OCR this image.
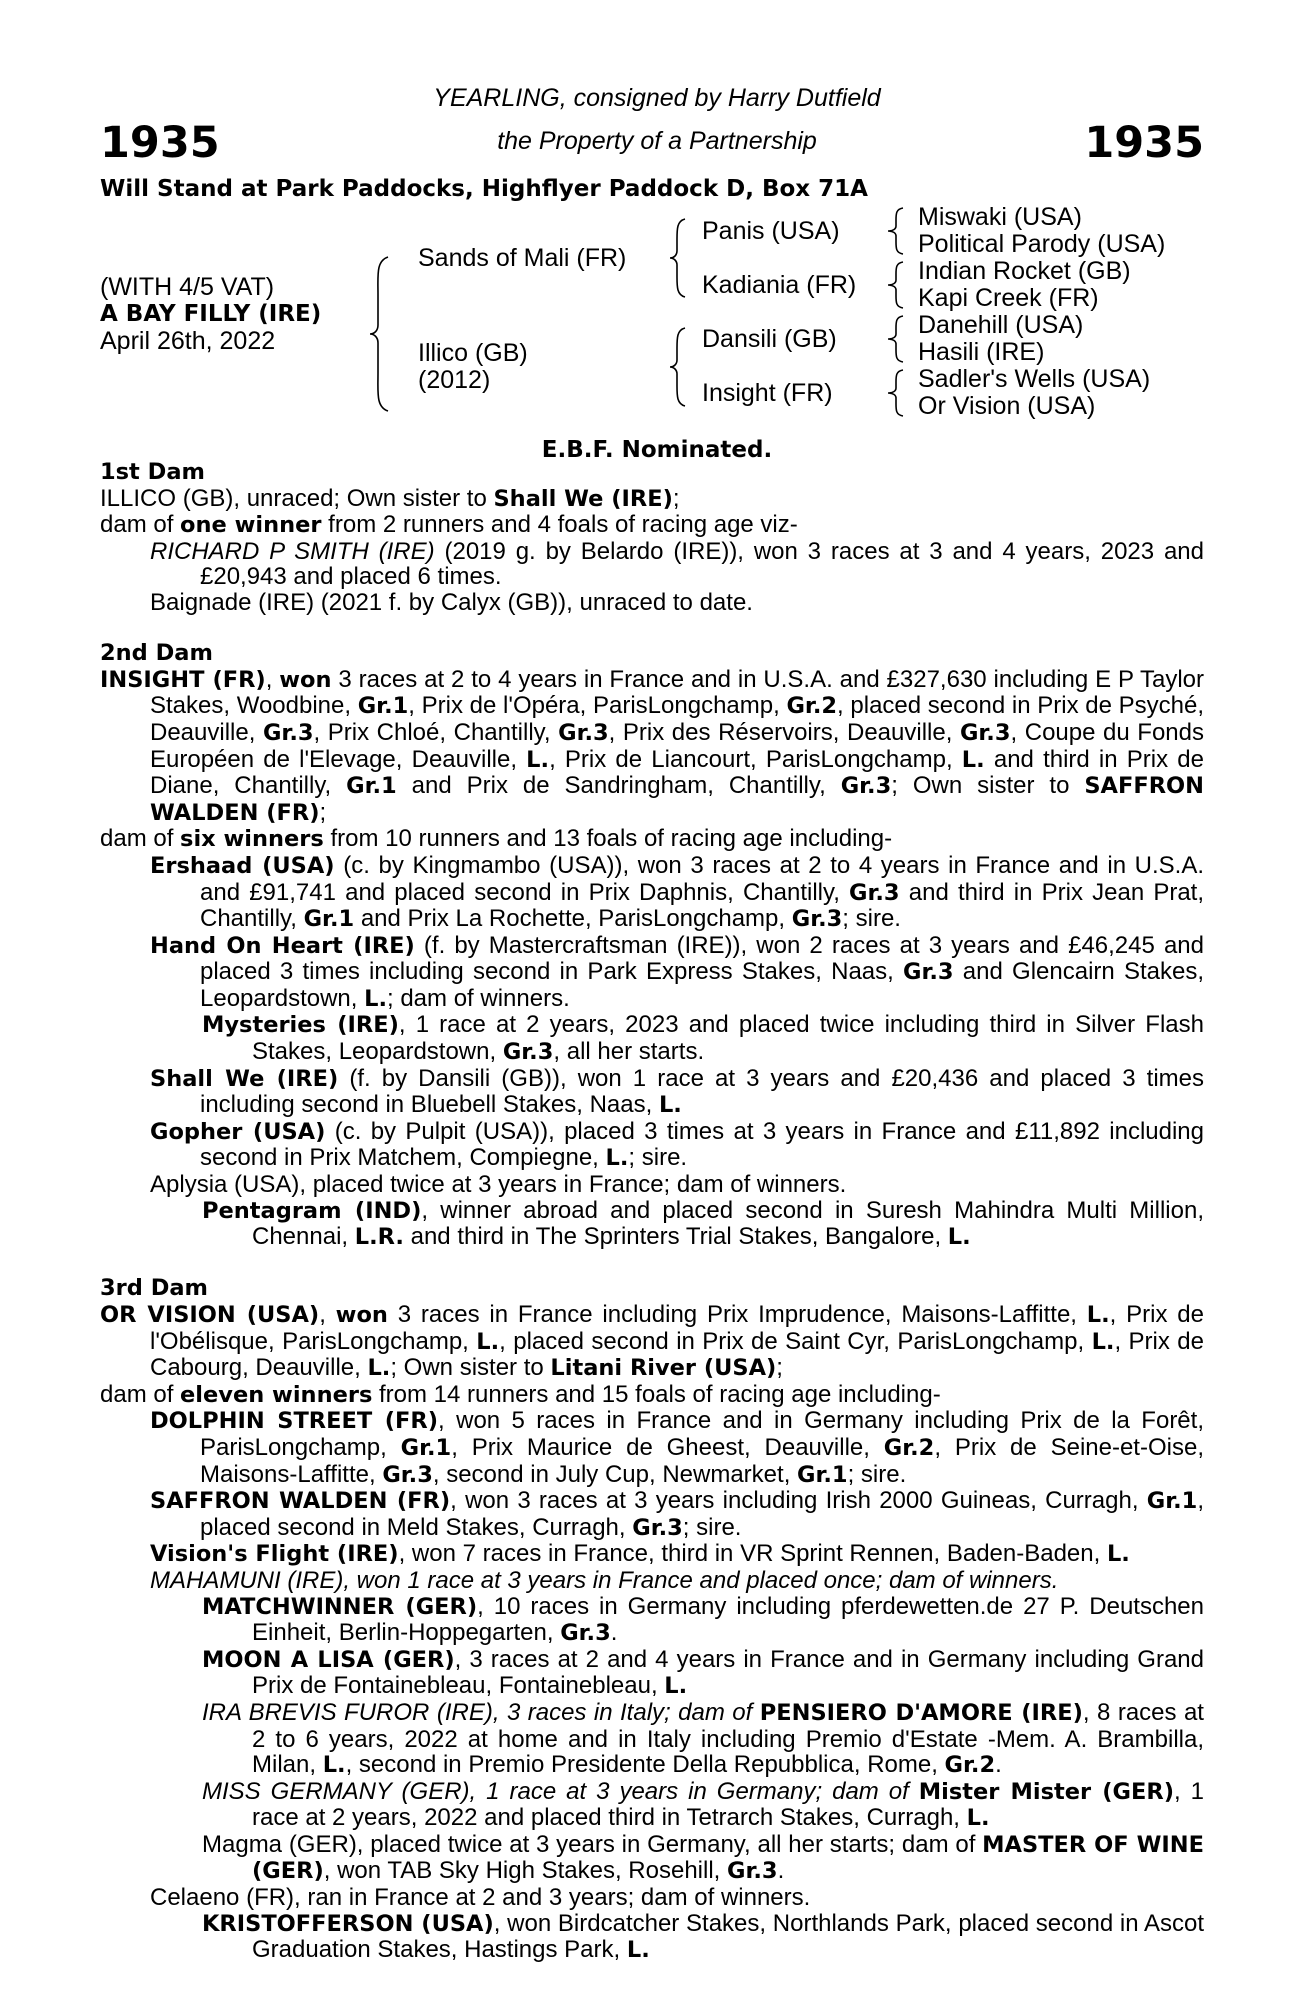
1935	1935
YEARLING, consigned by Harry Dutfield
the Property of a Partnership
Will Stand at Park Paddocks, Highflyer Paddock D, Box 71A
(WITH 4/5 VAT)
A BAY FILLY (IRE)
April 26th, 2022
Sands of Mali (FR)
Illico (GB)
(2012)
Panis (USA)
Kadiania (FR)
Dansili (GB)
Insight (FR)
Miswaki (USA)
Political Parody (USA)
Indian Rocket (GB)
Kapi Creek (FR)
Danehill (USA)
Hasili (IRE)
Sadler's Wells (USA)
Or Vision (USA)
E.B.F. Nominated.
1st Dam
ILLICO (GB), unraced; Own sister to Shall We (IRE);
dam of one winner from 2 runners and 4 foals of racing age viz-
RICHARD P SMITH (IRE) (2019 g. by Belardo (IRE)), won 3 races at 3 and 4 years, 2023 and £20,943 and placed 6 times.
Baignade (IRE) (2021 f. by Calyx (GB)), unraced to date.
2nd Dam
INSIGHT (FR), won 3 races at 2 to 4 years in France and in U.S.A. and £327,630 including E P Taylor Stakes, Woodbine, Gr.1, Prix de l'Opéra, ParisLongchamp, Gr.2, placed second in Prix de Psyché, Deauville, Gr.3, Prix Chloé, Chantilly, Gr.3, Prix des Réservoirs, Deauville, Gr.3, Coupe du Fonds Européen de l'Elevage, Deauville, L., Prix de Liancourt, ParisLongchamp, L. and third in Prix de Diane, Chantilly, Gr.1 and Prix de Sandringham, Chantilly, Gr.3; Own sister to SAFFRON WALDEN (FR);
dam of six winners from 10 runners and 13 foals of racing age including-
Ershaad (USA) (c. by Kingmambo (USA)), won 3 races at 2 to 4 years in France and in U.S.A. and £91,741 and placed second in Prix Daphnis, Chantilly, Gr.3 and third in Prix Jean Prat, Chantilly, Gr.1 and Prix La Rochette, ParisLongchamp, Gr.3; sire.
Hand On Heart (IRE) (f. by Mastercraftsman (IRE)), won 2 races at 3 years and £46,245 and placed 3 times including second in Park Express Stakes, Naas, Gr.3 and Glencairn Stakes, Leopardstown, L.; dam of winners.
Mysteries (IRE), 1 race at 2 years, 2023 and placed twice including third in Silver Flash Stakes, Leopardstown, Gr.3, all her starts.
Shall We (IRE) (f. by Dansili (GB)), won 1 race at 3 years and £20,436 and placed 3 times including second in Bluebell Stakes, Naas, L.
Gopher (USA) (c. by Pulpit (USA)), placed 3 times at 3 years in France and £11,892 including second in Prix Matchem, Compiegne, L.; sire.
Aplysia (USA), placed twice at 3 years in France; dam of winners.
Pentagram (IND), winner abroad and placed second in Suresh Mahindra Multi Million, Chennai, L.R. and third in The Sprinters Trial Stakes, Bangalore, L.
3rd Dam
OR VISION (USA), won 3 races in France including Prix Imprudence, Maisons-Laffitte, L., Prix de l'Obélisque, ParisLongchamp, L., placed second in Prix de Saint Cyr, ParisLongchamp, L., Prix de Cabourg, Deauville, L.; Own sister to Litani River (USA);
dam of eleven winners from 14 runners and 15 foals of racing age including-
DOLPHIN STREET (FR), won 5 races in France and in Germany including Prix de la Forêt, ParisLongchamp, Gr.1, Prix Maurice de Gheest, Deauville, Gr.2, Prix de Seine-et-Oise, Maisons-Laffitte, Gr.3, second in July Cup, Newmarket, Gr.1; sire.
SAFFRON WALDEN (FR), won 3 races at 3 years including Irish 2000 Guineas, Curragh, Gr.1, placed second in Meld Stakes, Curragh, Gr.3; sire.
Vision's Flight (IRE), won 7 races in France, third in VR Sprint Rennen, Baden-Baden, L.
MAHAMUNI (IRE), won 1 race at 3 years in France and placed once; dam of winners.
MATCHWINNER (GER), 10 races in Germany including pferdewetten.de 27 P. Deutschen Einheit, Berlin-Hoppegarten, Gr.3.
MOON A LISA (GER), 3 races at 2 and 4 years in France and in Germany including Grand Prix de Fontainebleau, Fontainebleau, L.
IRA BREVIS FUROR (IRE), 3 races in Italy; dam of PENSIERO D'AMORE (IRE), 8 races at 2 to 6 years, 2022 at home and in Italy including Premio d'Estate -Mem. A. Brambilla, Milan, L., second in Premio Presidente Della Repubblica, Rome, Gr.2.
MISS GERMANY (GER), 1 race at 3 years in Germany; dam of Mister Mister (GER), 1 race at 2 years, 2022 and placed third in Tetrarch Stakes, Curragh, L.
Magma (GER), placed twice at 3 years in Germany, all her starts; dam of MASTER OF WINE (GER), won TAB Sky High Stakes, Rosehill, Gr.3.
Celaeno (FR), ran in France at 2 and 3 years; dam of winners.
KRISTOFFERSON (USA), won Birdcatcher Stakes, Northlands Park, placed second in Ascot Graduation Stakes, Hastings Park, L.
